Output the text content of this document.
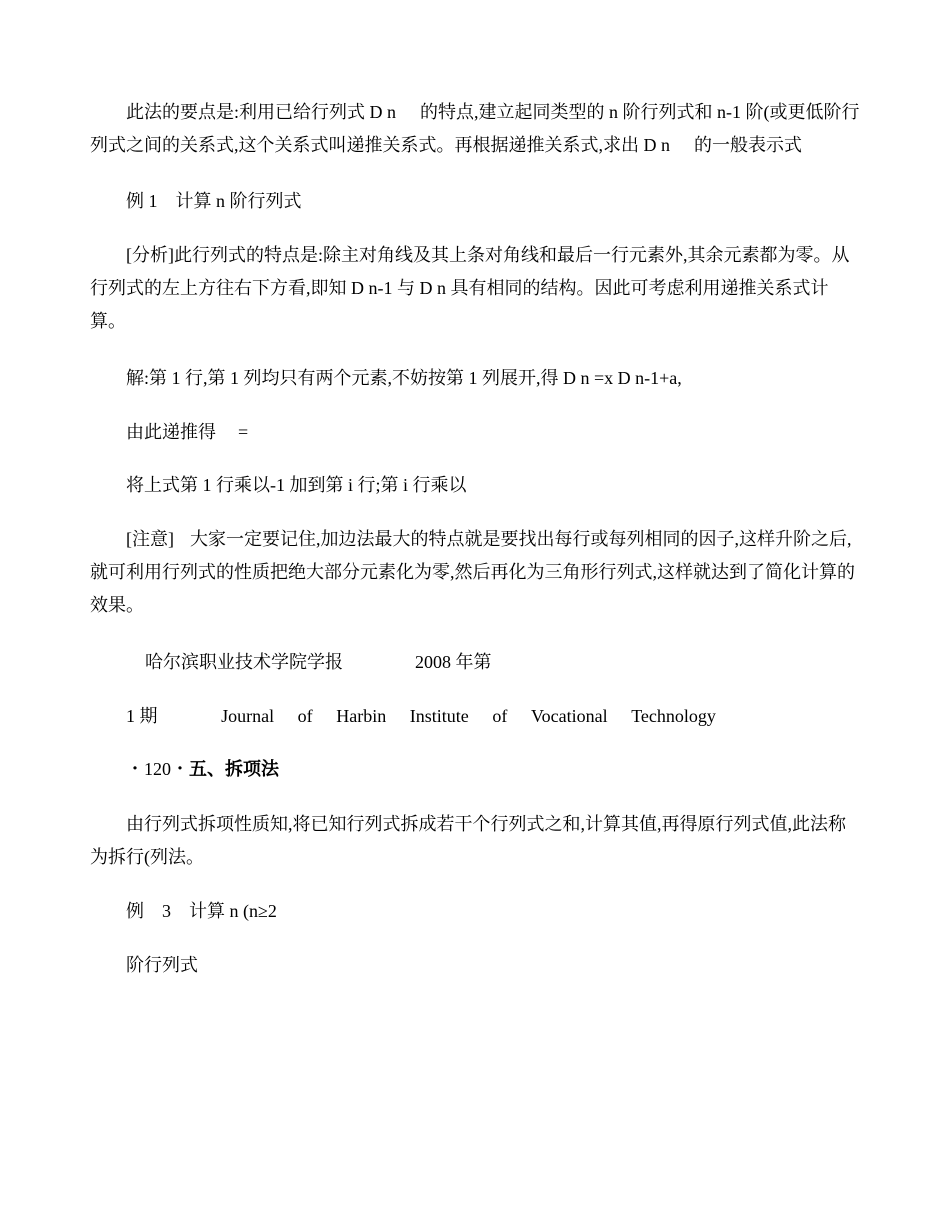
此法的要点是:利用已给行列式 D n 的特点,建立起同类型的 n 阶行列式和 n-1 阶(或更低阶行列式之间的关系式,这个关系式叫递推关系式。再根据递推关系式,求出 D n 的一般表示式

例 1 计算 n 阶行列式

[分析]此行列式的特点是:除主对角线及其上条对角线和最后一行元素外,其余元素都为零。从行列式的左上方往右下方看,即知 D n-1 与 D n 具有相同的结构。因此可考虑利用递推关系式计算。

解:第 1 行,第 1 列均只有两个元素,不妨按第 1 列展开,得 D n =x D n-1+a,
由此递推得 =
将上式第 1 行乘以-1 加到第 i 行;第 i 行乘以

[注意] 大家一定要记住,加边法最大的特点就是要找出每行或每列相同的因子,这样升阶之后,就可利用行列式的性质把绝大部分元素化为零,然后再化为三角形行列式,这样就达到了简化计算的效果。

哈尔滨职业技术学院学报	2008 年第
1 期	Journal of Harbin Institute of Vocational Technology
・120・五、拆项法

由行列式拆项性质知,将已知行列式拆成若干个行列式之和,计算其值,再得原行列式值,此法称为拆行(列法。

例 3 计算 n (n≥2
阶行列式
